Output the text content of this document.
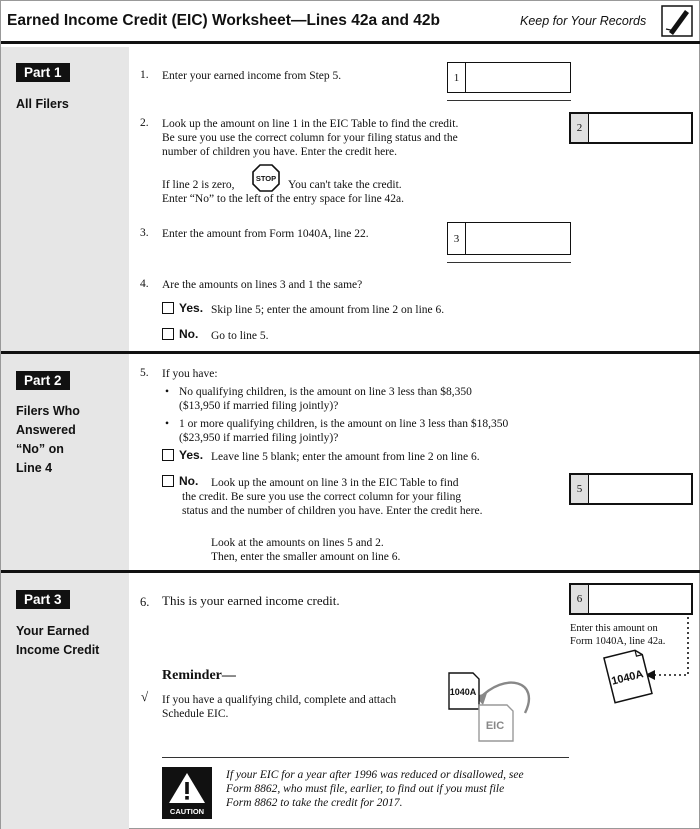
Earned Income Credit (EIC) Worksheet—Lines 42a and 42b	Keep for Your Records
Part 1
All Filers
1. Enter your earned income from Step 5.	1
2. Look up the amount on line 1 in the EIC Table to find the credit.
Be sure you use the correct column for your filing status and the
number of children you have. Enter the credit here.
2
If line 2 is zero,
STOP
You can't take the credit.
Enter “No” to the left of the entry space for line 42a.
3. Enter the amount from Form 1040A, line 22.	3
4. Are the amounts on lines 3 and 1 the same?
Yes. Skip line 5; enter the amount from line 2 on line 6.
No. Go to line 5.
Part 2
Filers Who
Answered
“No” on
Line 4
5. If you have:
• No qualifying children, is the amount on line 3 less than $8,350
($13,950 if married filing jointly)?
• 1 or more qualifying children, is the amount on line 3 less than $18,350
($23,950 if married filing jointly)?
Yes. Leave line 5 blank; enter the amount from line 2 on line 6.
No. Look up the amount on line 3 in the EIC Table to find
the credit. Be sure you use the correct column for your filing
status and the number of children you have. Enter the credit here.
5
Look at the amounts on lines 5 and 2.
Then, enter the smaller amount on line 6.
Part 3
Your Earned
Income Credit
6. This is your earned income credit.	6
Enter this amount on
Form 1040A, line 42a.
1040A
Reminder—
√ If you have a qualifying child, complete and attach
Schedule EIC.
1040A
EIC
CAUTION
If your EIC for a year after 1996 was reduced or disallowed, see
Form 8862, who must file, earlier, to find out if you must file
Form 8862 to take the credit for 2017.
